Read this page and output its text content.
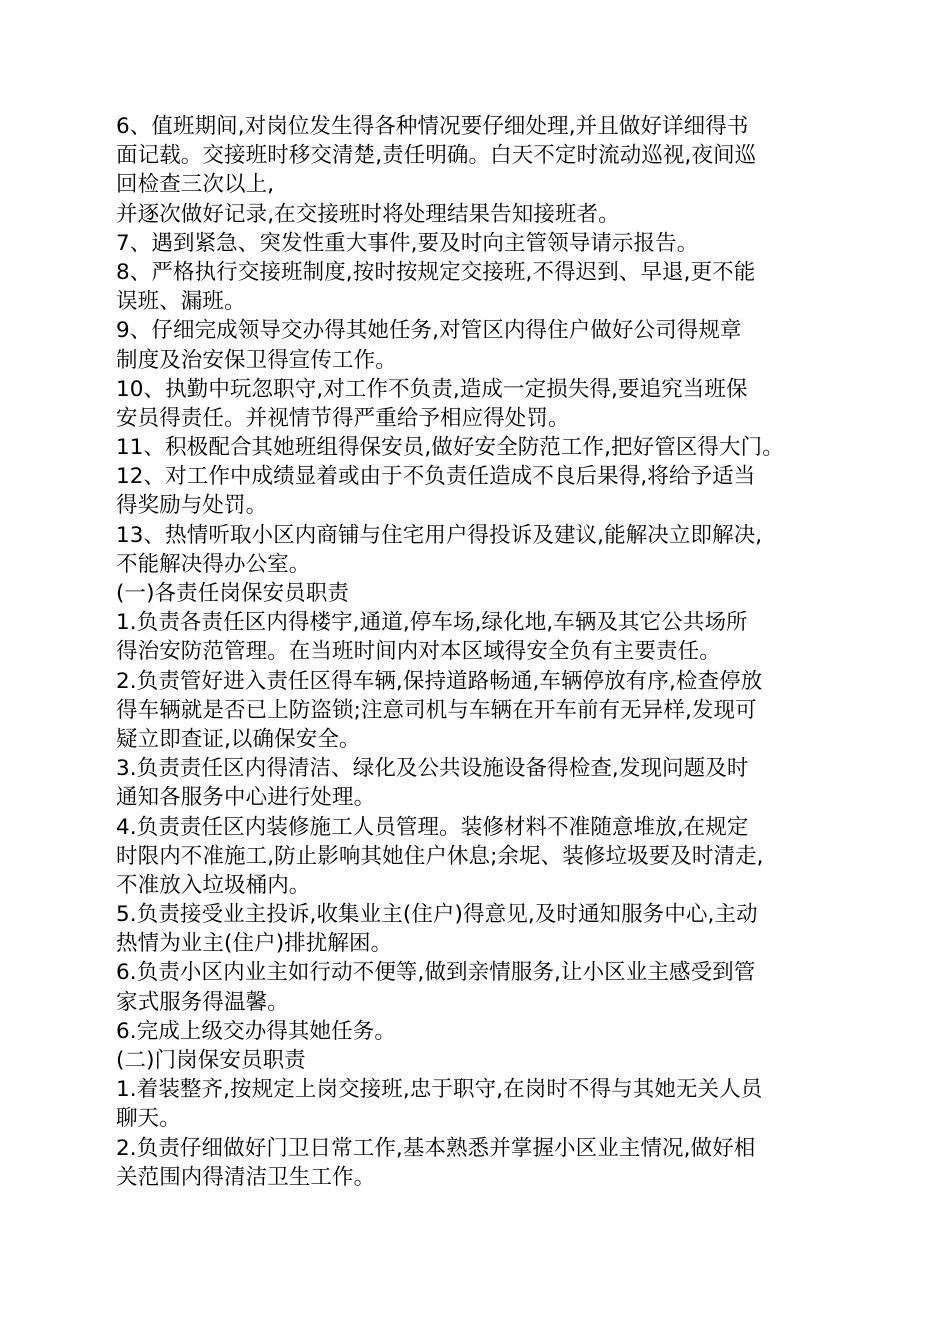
6、值班期间,对岗位发生得各种情况要仔细处理,并且做好详细得书
面记载。交接班时移交清楚,责任明确。白天不定时流动巡视,夜间巡
回检查三次以上,
并逐次做好记录,在交接班时将处理结果告知接班者。
7、遇到紧急、突发性重大事件,要及时向主管领导请示报告。
8、严格执行交接班制度,按时按规定交接班,不得迟到、早退,更不能
误班、漏班。
9、仔细完成领导交办得其她任务,对管区内得住户做好公司得规章
制度及治安保卫得宣传工作。
10、执勤中玩忽职守,对工作不负责,造成一定损失得,要追究当班保
安员得责任。并视情节得严重给予相应得处罚。
11、积极配合其她班组得保安员,做好安全防范工作,把好管区得大门。
12、对工作中成绩显着或由于不负责任造成不良后果得,将给予适当
得奖励与处罚。
13、热情听取小区内商铺与住宅用户得投诉及建议,能解决立即解决,
不能解决得办公室。
(一)各责任岗保安员职责
1.负责各责任区内得楼宇,通道,停车场,绿化地,车辆及其它公共场所
得治安防范管理。在当班时间内对本区域得安全负有主要责任。
2.负责管好进入责任区得车辆,保持道路畅通,车辆停放有序,检查停放
得车辆就是否已上防盗锁;注意司机与车辆在开车前有无异样,发现可
疑立即查证,以确保安全。
3.负责责任区内得清洁、绿化及公共设施设备得检查,发现问题及时
通知各服务中心进行处理。
4.负责责任区内装修施工人员管理。装修材料不准随意堆放,在规定
时限内不准施工,防止影响其她住户休息;余坭、装修垃圾要及时清走,
不准放入垃圾桶内。
5.负责接受业主投诉,收集业主(住户)得意见,及时通知服务中心,主动
热情为业主(住户)排扰解困。
6.负责小区内业主如行动不便等,做到亲情服务,让小区业主感受到管
家式服务得温馨。
6.完成上级交办得其她任务。
(二)门岗保安员职责
1.着装整齐,按规定上岗交接班,忠于职守,在岗时不得与其她无关人员
聊天。
2.负责仔细做好门卫日常工作,基本熟悉并掌握小区业主情况,做好相
关范围内得清洁卫生工作。
